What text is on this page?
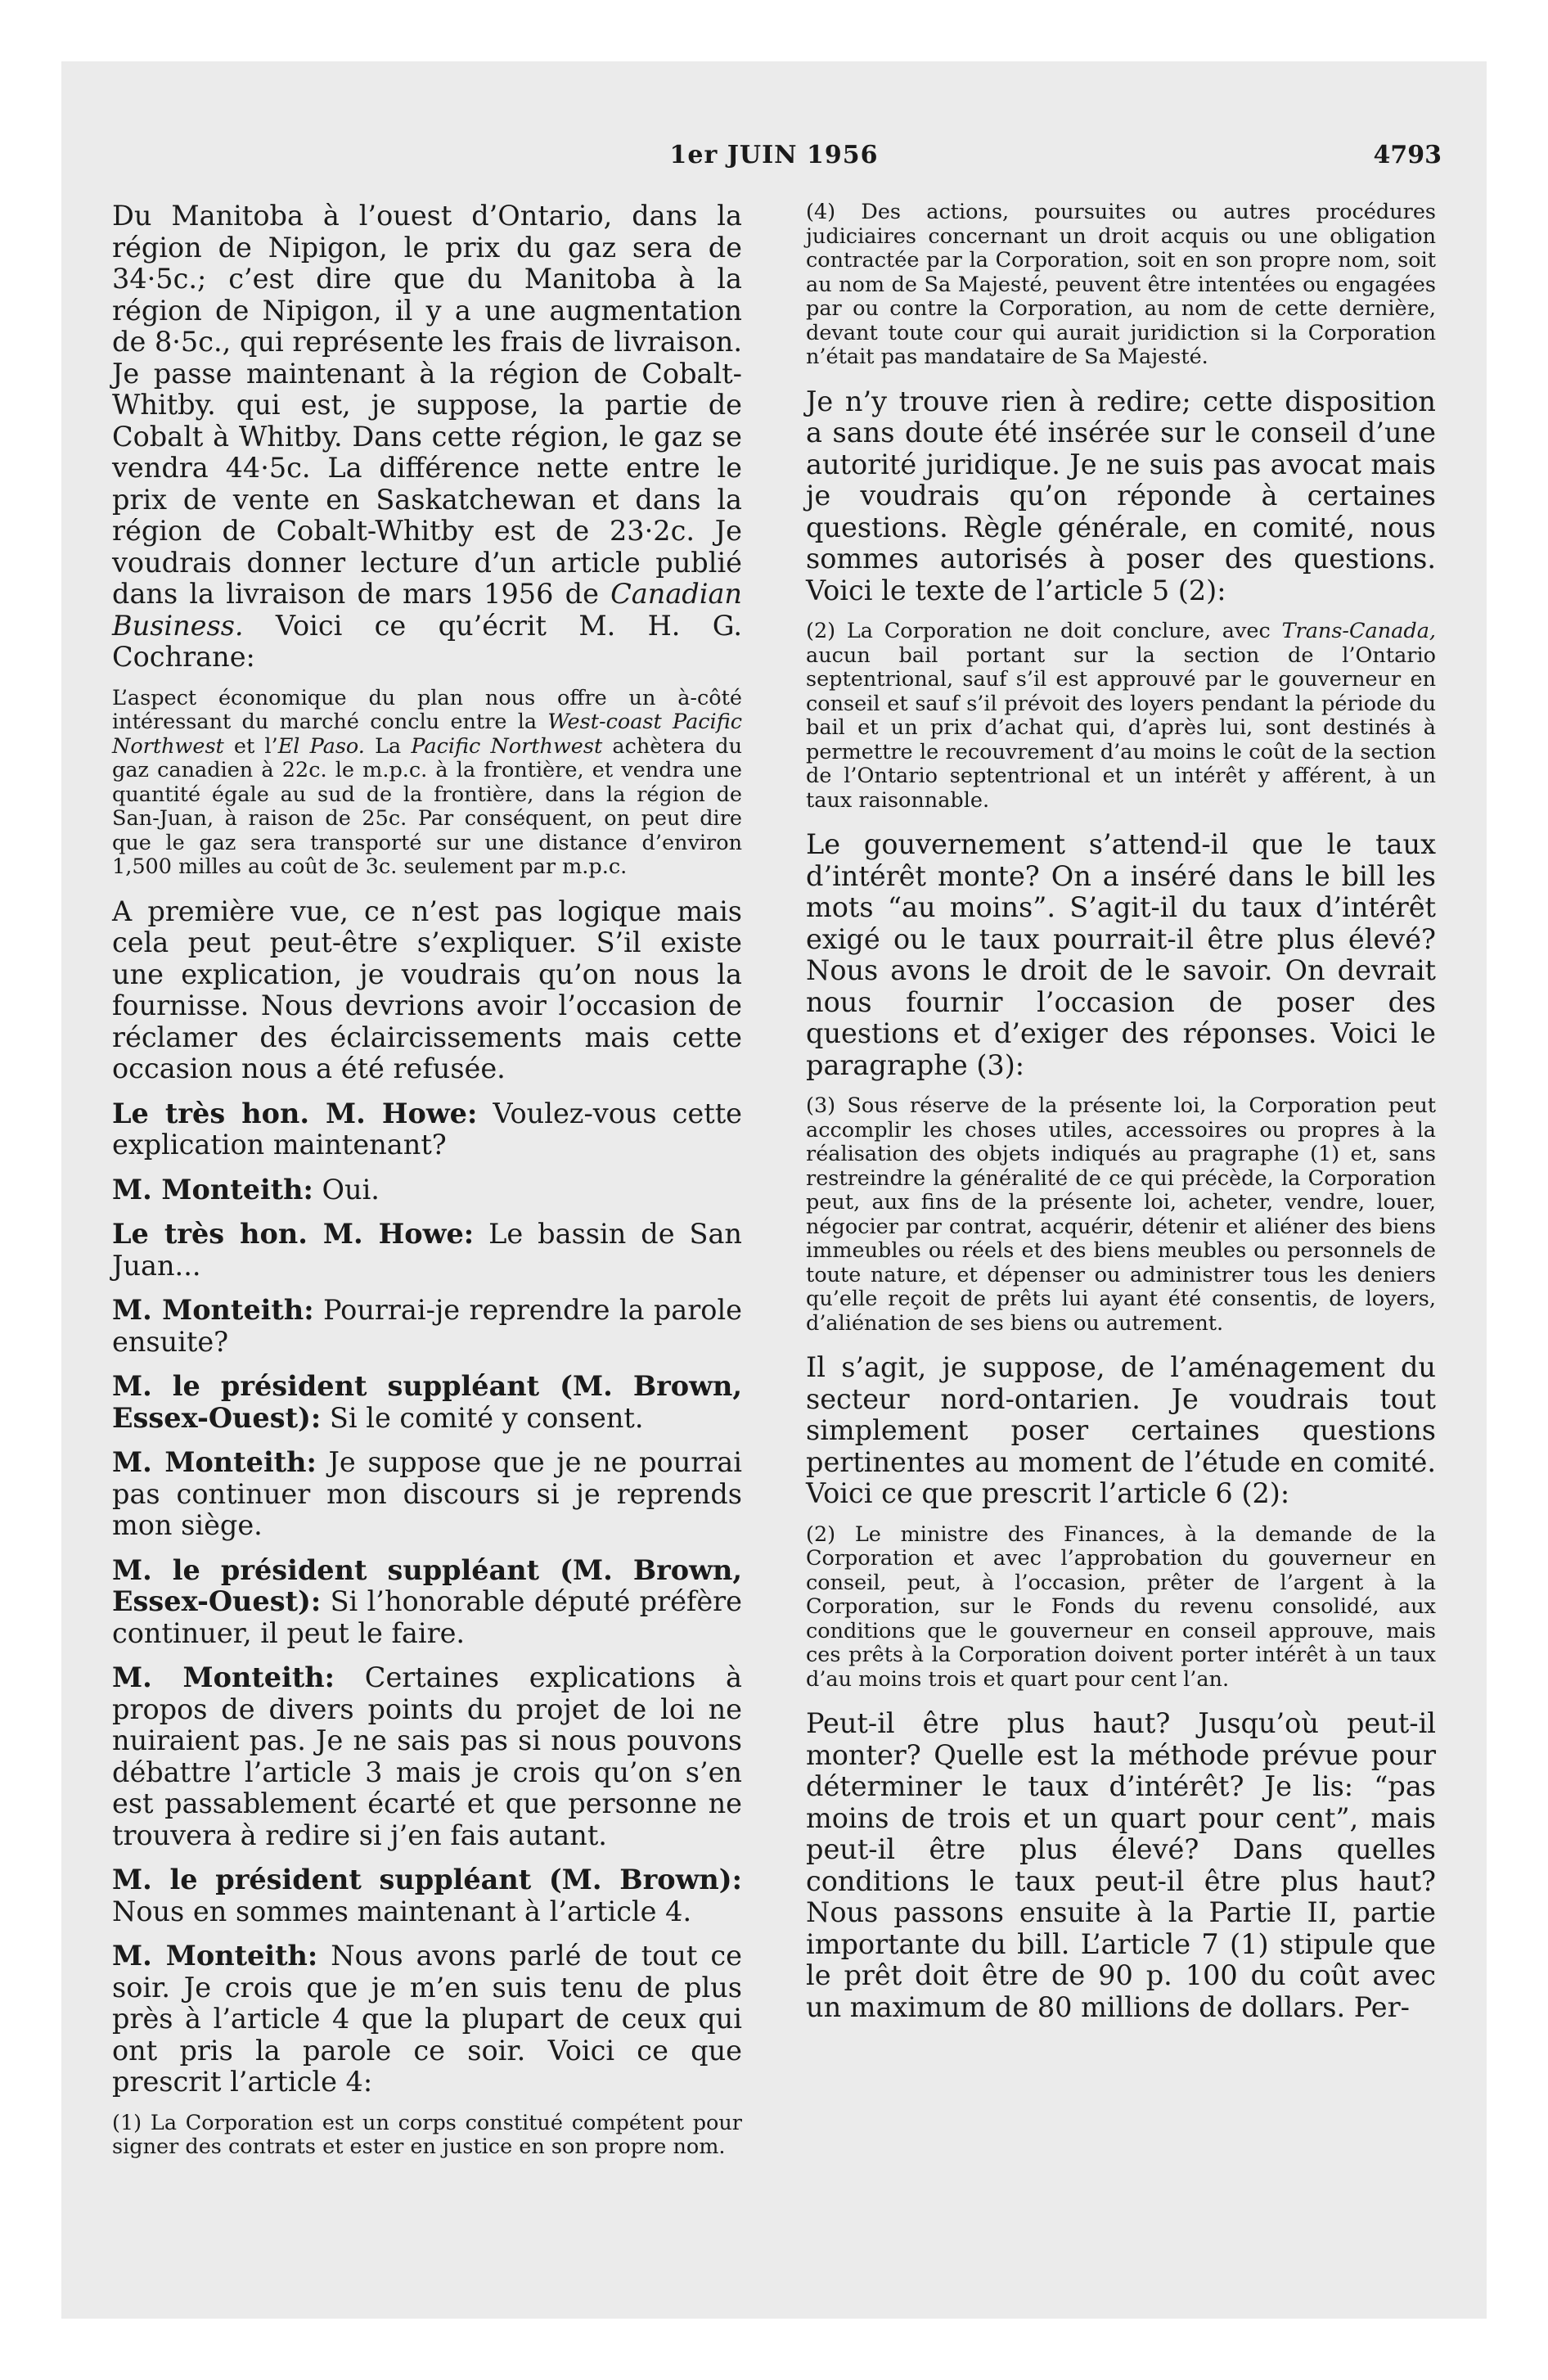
1er JUIN 1956	4793

Du Manitoba à l’ouest d’Ontario, dans la région de Nipigon, le prix du gaz sera de 34·5c.; c’est dire que du Manitoba à la région de Nipigon, il y a une augmentation de 8·5c., qui représente les frais de livraison. Je passe maintenant à la région de Cobalt-Whitby. qui est, je suppose, la partie de Cobalt à Whitby. Dans cette région, le gaz se vendra 44·5c. La différence nette entre le prix de vente en Saskatchewan et dans la région de Cobalt-Whitby est de 23·2c. Je voudrais donner lecture d’un article publié dans la livraison de mars 1956 de Canadian Business. Voici ce qu’écrit M. H. G. Cochrane:

L’aspect économique du plan nous offre un à-côté intéressant du marché conclu entre la West-coast Pacific Northwest et l’El Paso. La Pacific Northwest achètera du gaz canadien à 22c. le m.p.c. à la frontière, et vendra une quantité égale au sud de la frontière, dans la région de San-Juan, à raison de 25c. Par conséquent, on peut dire que le gaz sera transporté sur une distance d’environ 1,500 milles au coût de 3c. seulement par m.p.c.

A première vue, ce n’est pas logique mais cela peut peut-être s’expliquer. S’il existe une explication, je voudrais qu’on nous la fournisse. Nous devrions avoir l’occasion de réclamer des éclaircissements mais cette occasion nous a été refusée.

Le très hon. M. Howe: Voulez-vous cette explication maintenant?

M. Monteith: Oui.

Le très hon. M. Howe: Le bassin de San Juan...

M. Monteith: Pourrai-je reprendre la parole ensuite?

M. le président suppléant (M. Brown, Essex-Ouest): Si le comité y consent.

M. Monteith: Je suppose que je ne pourrai pas continuer mon discours si je reprends mon siège.

M. le président suppléant (M. Brown, Essex-Ouest): Si l’honorable député préfère continuer, il peut le faire.

M. Monteith: Certaines explications à propos de divers points du projet de loi ne nuiraient pas. Je ne sais pas si nous pouvons débattre l’article 3 mais je crois qu’on s’en est passablement écarté et que personne ne trouvera à redire si j’en fais autant.

M. le président suppléant (M. Brown): Nous en sommes maintenant à l’article 4.

M. Monteith: Nous avons parlé de tout ce soir. Je crois que je m’en suis tenu de plus près à l’article 4 que la plupart de ceux qui ont pris la parole ce soir. Voici ce que prescrit l’article 4:

(1) La Corporation est un corps constitué compétent pour signer des contrats et ester en justice en son propre nom.

(4) Des actions, poursuites ou autres procédures judiciaires concernant un droit acquis ou une obligation contractée par la Corporation, soit en son propre nom, soit au nom de Sa Majesté, peuvent être intentées ou engagées par ou contre la Corporation, au nom de cette dernière, devant toute cour qui aurait juridiction si la Corporation n’était pas mandataire de Sa Majesté.

Je n’y trouve rien à redire; cette disposition a sans doute été insérée sur le conseil d’une autorité juridique. Je ne suis pas avocat mais je voudrais qu’on réponde à certaines questions. Règle générale, en comité, nous sommes autorisés à poser des questions. Voici le texte de l’article 5 (2):

(2) La Corporation ne doit conclure, avec Trans-Canada, aucun bail portant sur la section de l’Ontario septentrional, sauf s’il est approuvé par le gouverneur en conseil et sauf s’il prévoit des loyers pendant la période du bail et un prix d’achat qui, d’après lui, sont destinés à permettre le recouvrement d’au moins le coût de la section de l’Ontario septentrional et un intérêt y afférent, à un taux raisonnable.

Le gouvernement s’attend-il que le taux d’intérêt monte? On a inséré dans le bill les mots “au moins”. S’agit-il du taux d’intérêt exigé ou le taux pourrait-il être plus élevé? Nous avons le droit de le savoir. On devrait nous fournir l’occasion de poser des questions et d’exiger des réponses. Voici le paragraphe (3):

(3) Sous réserve de la présente loi, la Corporation peut accomplir les choses utiles, accessoires ou propres à la réalisation des objets indiqués au pragraphe (1) et, sans restreindre la généralité de ce qui précède, la Corporation peut, aux fins de la présente loi, acheter, vendre, louer, négocier par contrat, acquérir, détenir et aliéner des biens immeubles ou réels et des biens meubles ou personnels de toute nature, et dépenser ou administrer tous les deniers qu’elle reçoit de prêts lui ayant été consentis, de loyers, d’aliénation de ses biens ou autrement.

Il s’agit, je suppose, de l’aménagement du secteur nord-ontarien. Je voudrais tout simplement poser certaines questions pertinentes au moment de l’étude en comité. Voici ce que prescrit l’article 6 (2):

(2) Le ministre des Finances, à la demande de la Corporation et avec l’approbation du gouverneur en conseil, peut, à l’occasion, prêter de l’argent à la Corporation, sur le Fonds du revenu consolidé, aux conditions que le gouverneur en conseil approuve, mais ces prêts à la Corporation doivent porter intérêt à un taux d’au moins trois et quart pour cent l’an.

Peut-il être plus haut? Jusqu’où peut-il monter? Quelle est la méthode prévue pour déterminer le taux d’intérêt? Je lis: “pas moins de trois et un quart pour cent”, mais peut-il être plus élevé? Dans quelles conditions le taux peut-il être plus haut? Nous passons ensuite à la Partie II, partie importante du bill. L’article 7 (1) stipule que le prêt doit être de 90 p. 100 du coût avec un maximum de 80 millions de dollars. Per-
